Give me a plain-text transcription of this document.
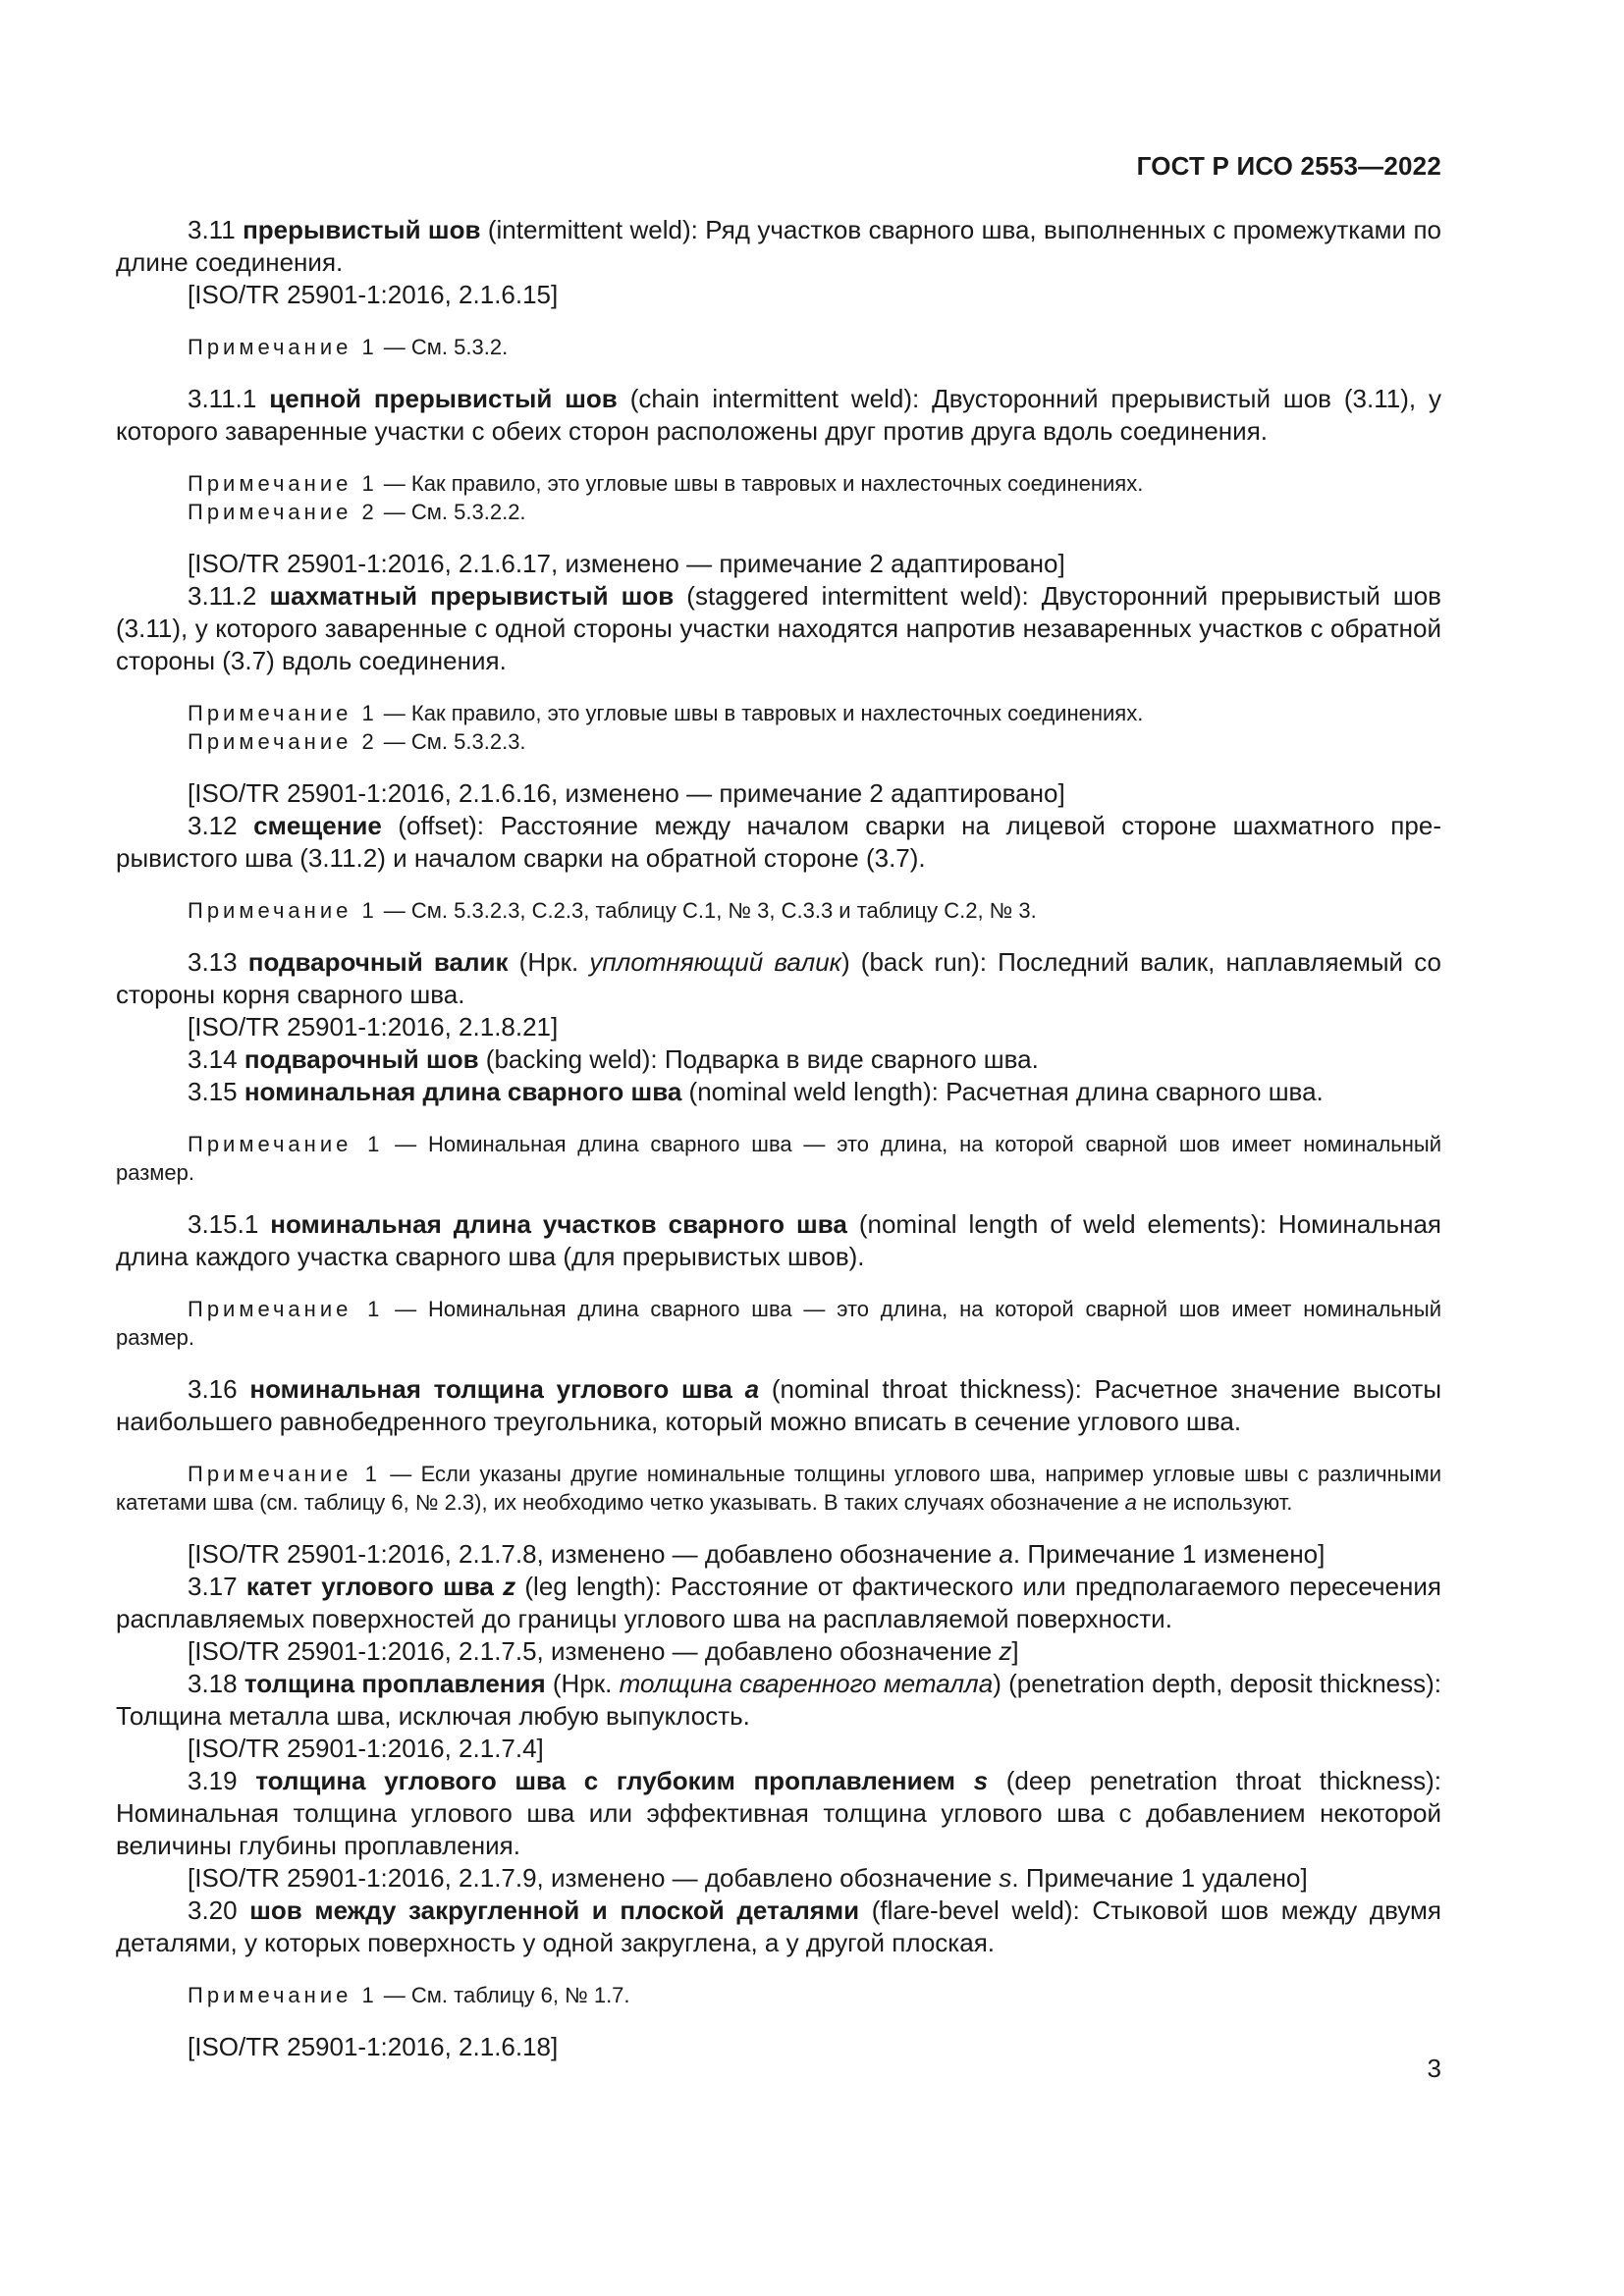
ГОСТ Р ИСО 2553—2022

3.11 прерывистый шов (intermittent weld): Ряд участков сварного шва, выполненных с промежутками по длине соединения.

[ISO/TR 25901-1:2016, 2.1.6.15]

Примечание 1 — См. 5.3.2.

3.11.1 цепной прерывистый шов (chain intermittent weld): Двусторонний прерывистый шов (3.11), у которого заваренные участки с обеих сторон расположены друг против друга вдоль соединения.

Примечание 1 — Как правило, это угловые швы в тавровых и нахлесточных соединениях.

Примечание 2 — См. 5.3.2.2.

[ISO/TR 25901-1:2016, 2.1.6.17, изменено — примечание 2 адаптировано]

3.11.2 шахматный прерывистый шов (staggered intermittent weld): Двусторонний прерывистый шов (3.11), у которого заваренные с одной стороны участки находятся напротив незаваренных участков с обратной стороны (3.7) вдоль соединения.

Примечание 1 — Как правило, это угловые швы в тавровых и нахлесточных соединениях.

Примечание 2 — См. 5.3.2.3.

[ISO/TR 25901-1:2016, 2.1.6.16, изменено — примечание 2 адаптировано]

3.12 смещение (offset): Расстояние между началом сварки на лицевой стороне шахматного прерывистого шва (3.11.2) и началом сварки на обратной стороне (3.7).

Примечание 1 — См. 5.3.2.3, С.2.3, таблицу С.1, № 3, С.3.3 и таблицу С.2, № 3.

3.13 подварочный валик (Нрк. уплотняющий валик) (back run): Последний валик, наплавляемый со стороны корня сварного шва.

[ISO/TR 25901-1:2016, 2.1.8.21]

3.14 подварочный шов (backing weld): Подварка в виде сварного шва.

3.15 номинальная длина сварного шва (nominal weld length): Расчетная длина сварного шва.

Примечание 1 — Номинальная длина сварного шва — это длина, на которой сварной шов имеет номинальный размер.

3.15.1 номинальная длина участков сварного шва (nominal length of weld elements): Номинальная длина каждого участка сварного шва (для прерывистых швов).

Примечание 1 — Номинальная длина сварного шва — это длина, на которой сварной шов имеет номинальный размер.

3.16 номинальная толщина углового шва a (nominal throat thickness): Расчетное значение высоты наибольшего равнобедренного треугольника, который можно вписать в сечение углового шва.

Примечание 1 — Если указаны другие номинальные толщины углового шва, например угловые швы с различными катетами шва (см. таблицу 6, № 2.3), их необходимо четко указывать. В таких случаях обозначение a не используют.

[ISO/TR 25901-1:2016, 2.1.7.8, изменено — добавлено обозначение a. Примечание 1 изменено]

3.17 катет углового шва z (leg length): Расстояние от фактического или предполагаемого пересечения расплавляемых поверхностей до границы углового шва на расплавляемой поверхности.

[ISO/TR 25901-1:2016, 2.1.7.5, изменено — добавлено обозначение z]

3.18 толщина проплавления (Нрк. толщина сваренного металла) (penetration depth, deposit thickness): Толщина металла шва, исключая любую выпуклость.

[ISO/TR 25901-1:2016, 2.1.7.4]

3.19 толщина углового шва с глубоким проплавлением s (deep penetration throat thickness): Номинальная толщина углового шва или эффективная толщина углового шва с добавлением некоторой величины глубины проплавления.

[ISO/TR 25901-1:2016, 2.1.7.9, изменено — добавлено обозначение s. Примечание 1 удалено]

3.20 шов между закругленной и плоской деталями (flare-bevel weld): Стыковой шов между двумя деталями, у которых поверхность у одной закруглена, а у другой плоская.

Примечание 1 — См. таблицу 6, № 1.7.

[ISO/TR 25901-1:2016, 2.1.6.18]

3
